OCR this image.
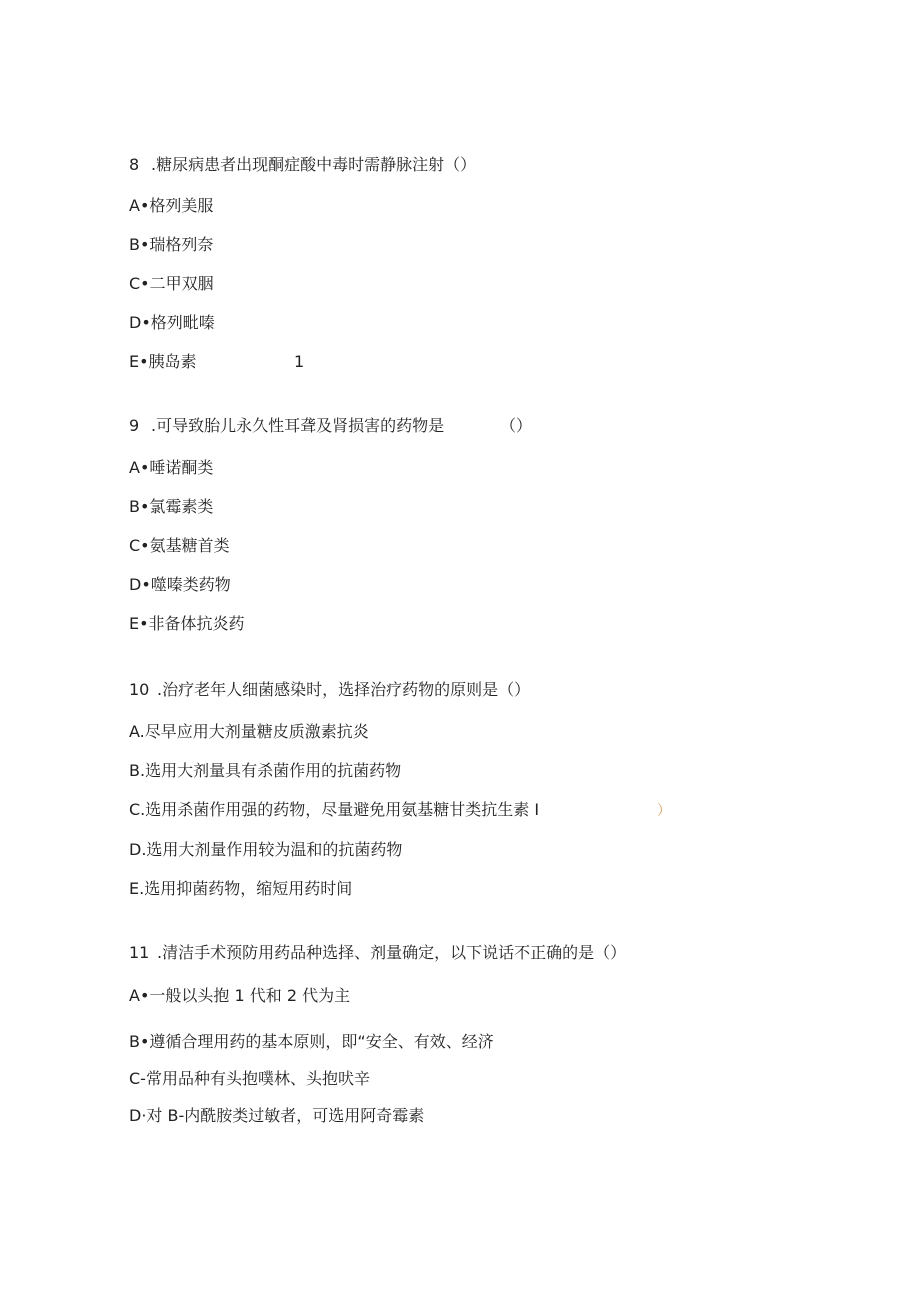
8 .糖尿病患者出现酮症酸中毒时需静脉注射（）
A•格列美服
B•瑞格列奈
C•二甲双胭
D•格列毗嗪
E•胰岛素	1
9 .可导致胎儿永久性耳聋及肾损害的药物是	（）
A•唾诺酮类
B•氯霉素类
C•氨基糖首类
D•噬嗪类药物
E•非备体抗炎药
10 .治疗老年人细菌感染时，选择治疗药物的原则是（）
A.尽早应用大剂量糖皮质激素抗炎
B.选用大剂量具有杀菌作用的抗菌药物
C.选用杀菌作用强的药物，尽量避免用氨基糖甘类抗生素 I	）
D.选用大剂量作用较为温和的抗菌药物
E.选用抑菌药物，缩短用药时间
11 .清洁手术预防用药品种选择、剂量确定，以下说话不正确的是（）
A•一般以头抱 1 代和 2 代为主
B•遵循合理用药的基本原则，即“安全、有效、经济
C-常用品种有头抱噗林、头抱吠辛
D·对 B-内酰胺类过敏者，可选用阿奇霉素
